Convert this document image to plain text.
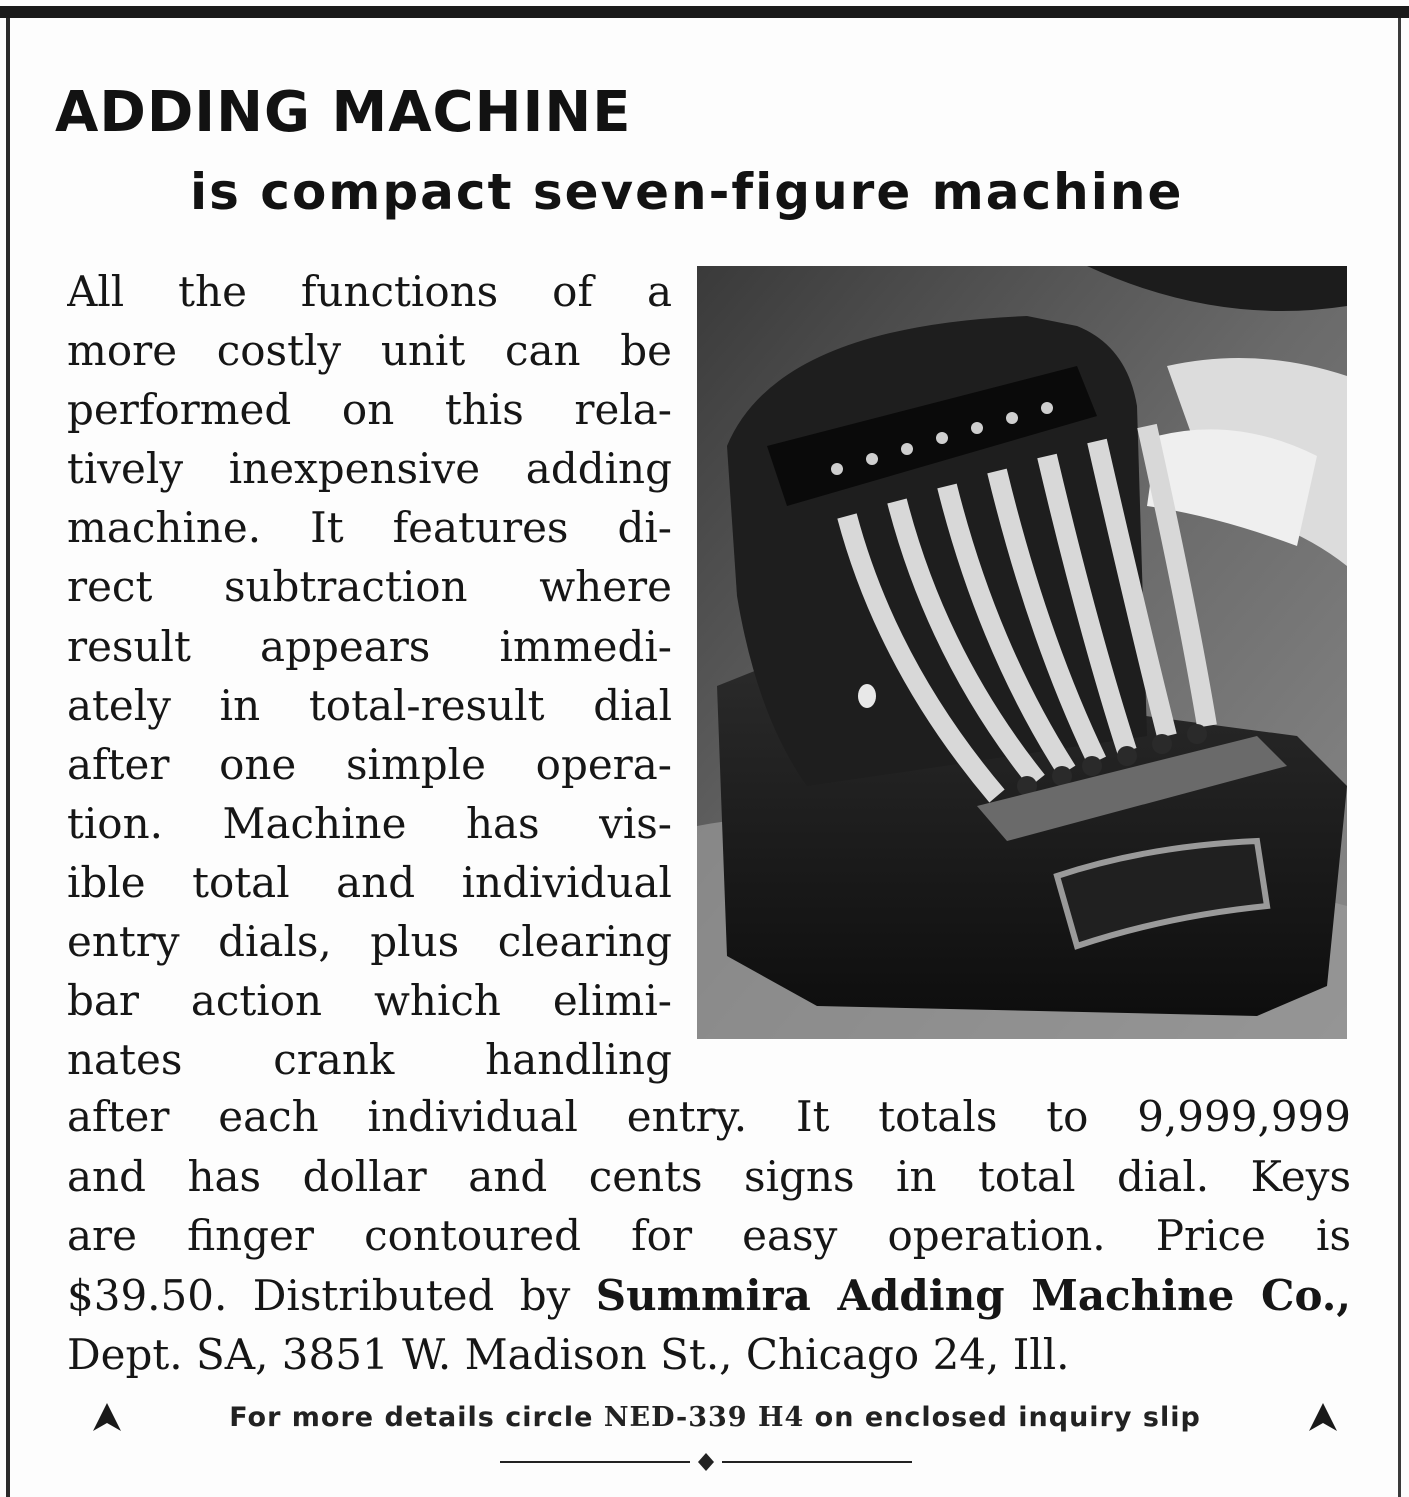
ADDING MACHINE
is compact seven-figure machine
All the functions of a
more costly unit can be
performed on this rela-
tively inexpensive adding
machine. It features di-
rect subtraction where
result appears immedi-
ately in total-result dial
after one simple opera-
tion. Machine has vis-
ible total and individual
entry dials, plus clearing
bar action which elimi-
nates crank handling
after each individual entry. It totals to 9,999,999
and has dollar and cents signs in total dial. Keys
are finger contoured for easy operation. Price is
$39.50. Distributed by Summira Adding Machine Co.,
Dept. SA, 3851 W. Madison St., Chicago 24, Ill.
For more details circle NED-339 H4 on enclosed inquiry slip
